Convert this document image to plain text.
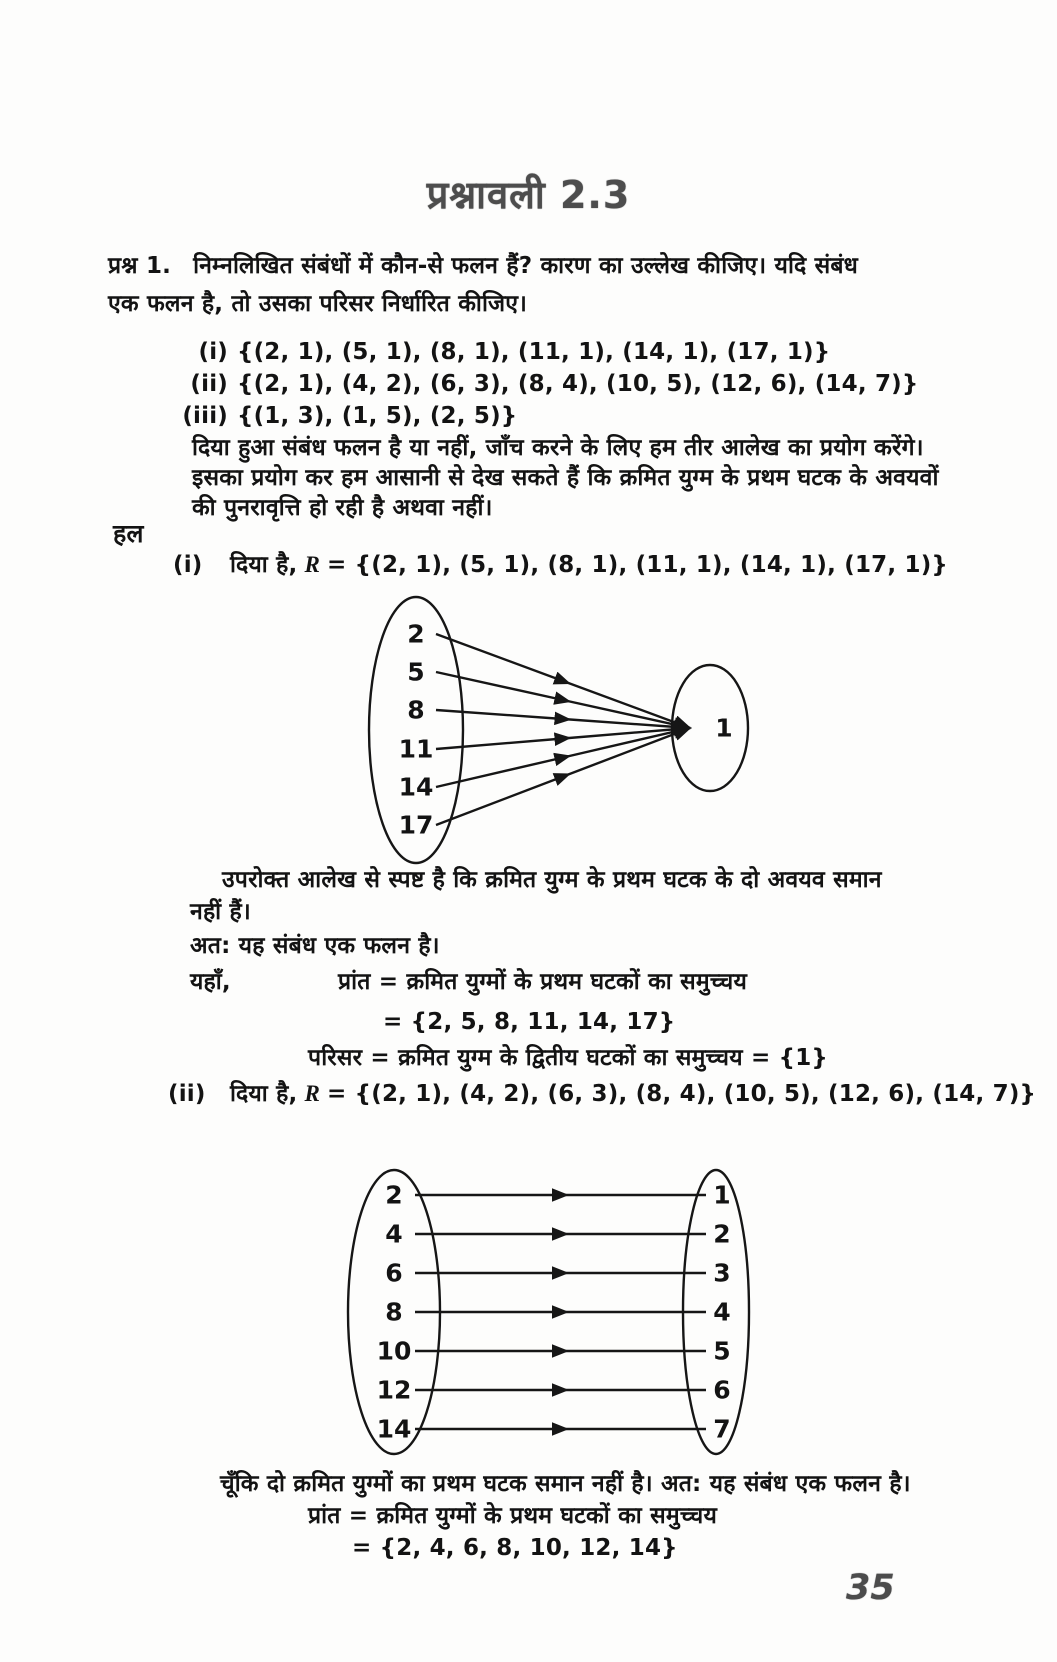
प्रश्नावली 2.3
प्रश्न 1. निम्नलिखित संबंधों में कौन-से फलन हैं? कारण का उल्लेख कीजिए। यदि संबंध
एक फलन है, तो उसका परिसर निर्धारित कीजिए।
(i) {(2, 1), (5, 1), (8, 1), (11, 1), (14, 1), (17, 1)}
(ii) {(2, 1), (4, 2), (6, 3), (8, 4), (10, 5), (12, 6), (14, 7)}
(iii) {(1, 3), (1, 5), (2, 5)}
दिया हुआ संबंध फलन है या नहीं, जाँच करने के लिए हम तीर आलेख का प्रयोग करेंगे।
इसका प्रयोग कर हम आसानी से देख सकते हैं कि क्रमित युग्म के प्रथम घटक के अवयवों
की पुनरावृत्ति हो रही है अथवा नहीं।
हल
(i) दिया है, R = {(2, 1), (5, 1), (8, 1), (11, 1), (14, 1), (17, 1)}
2
5
8
11
14
17
1
उपरोक्त आलेख से स्पष्ट है कि क्रमित युग्म के प्रथम घटक के दो अवयव समान
नहीं हैं।
अत: यह संबंध एक फलन है।
यहाँ,	प्रांत = क्रमित युग्मों के प्रथम घटकों का समुच्चय
= {2, 5, 8, 11, 14, 17}
परिसर = क्रमित युग्म के द्वितीय घटकों का समुच्चय = {1}
(ii) दिया है, R = {(2, 1), (4, 2), (6, 3), (8, 4), (10, 5), (12, 6), (14, 7)}
2	1
4	2
6	3
8	4
10	5
12	6
14	7
चूँकि दो क्रमित युग्मों का प्रथम घटक समान नहीं है। अत: यह संबंध एक फलन है।
प्रांत = क्रमित युग्मों के प्रथम घटकों का समुच्चय
= {2, 4, 6, 8, 10, 12, 14}
35
